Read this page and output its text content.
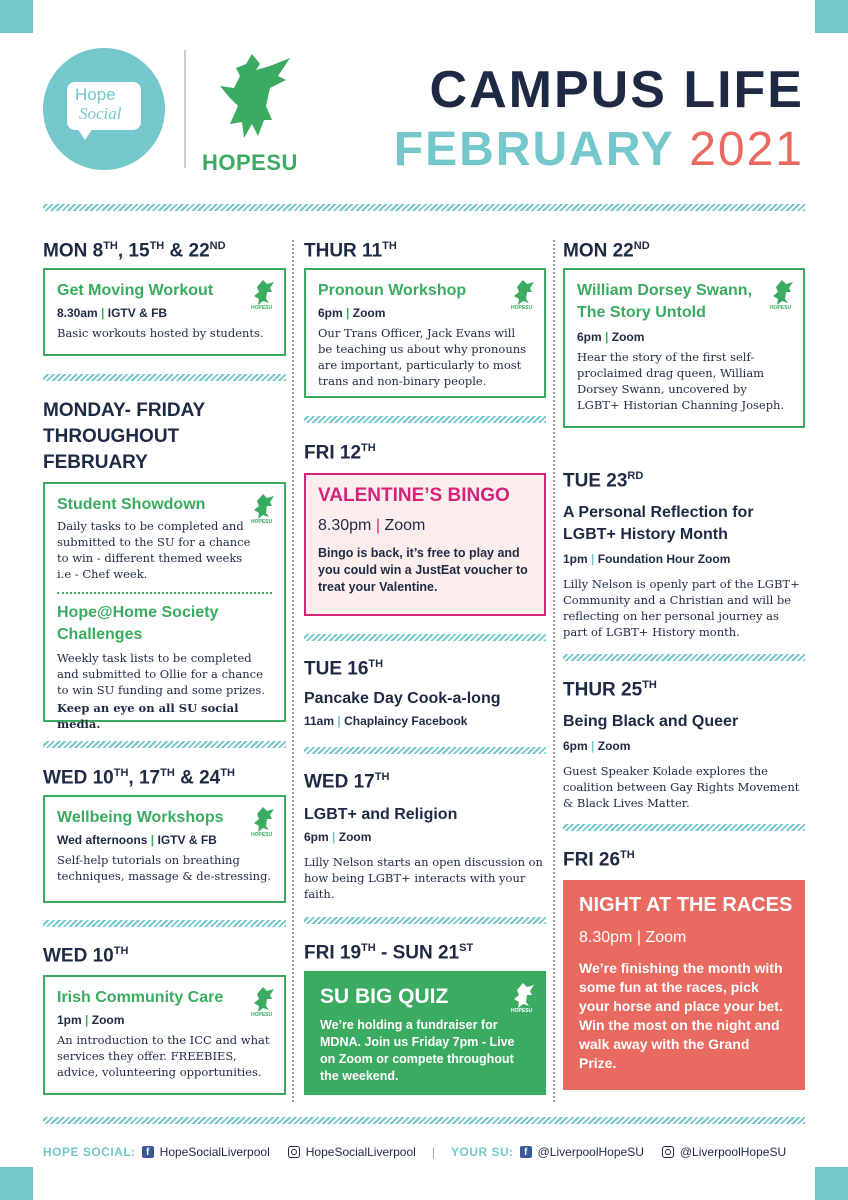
Hope
Social
HOPESU
CAMPUS LIFE
FEBRUARY 2021
MON 8TH, 15TH & 22ND
Get Moving Workout
8.30am | IGTV & FB
Basic workouts hosted by students.
HOPESU
MONDAY- FRIDAY
THROUGHOUT
FEBRUARY
Student Showdown
Daily tasks to be completed and submitted to the SU for a chance to win - different themed weeks i.e - Chef week.
Hope@Home Society
Challenges
Weekly task lists to be completed and submitted to Ollie for a chance to win SU funding and some prizes.
Keep an eye on all SU social media.
HOPESU
WED 10TH, 17TH & 24TH
Wellbeing Workshops
Wed afternoons | IGTV & FB
Self-help tutorials on breathing techniques, massage & de-stressing.
HOPESU
WED 10TH
Irish Community Care
1pm | Zoom
An introduction to the ICC and what services they offer. FREEBIES, advice, volunteering opportunities.
HOPESU
THUR 11TH
Pronoun Workshop
6pm | Zoom
Our Trans Officer, Jack Evans will be teaching us about why pronouns are important, particularly to most trans and non-binary people.
HOPESU
FRI 12TH
VALENTINE’S BINGO
8.30pm | Zoom
Bingo is back, it’s free to play and you could win a JustEat voucher to treat your Valentine.
TUE 16TH
Pancake Day Cook-a-long
11am | Chaplaincy Facebook
WED 17TH
LGBT+ and Religion
6pm | Zoom
Lilly Nelson starts an open discussion on how being LGBT+ interacts with your faith.
FRI 19TH - SUN 21ST
SU BIG QUIZ
We’re holding a fundraiser for MDNA. Join us Friday 7pm - Live on Zoom or compete throughout the weekend.
HOPESU
MON 22ND
William Dorsey Swann,
The Story Untold
6pm | Zoom
Hear the story of the first self-proclaimed drag queen, William Dorsey Swann, uncovered by LGBT+ Historian Channing Joseph.
HOPESU
TUE 23RD
A Personal Reflection for
LGBT+ History Month
1pm | Foundation Hour Zoom
Lilly Nelson is openly part of the LGBT+ Community and a Christian and will be reflecting on her personal journey as part of LGBT+ History month.
THUR 25TH
Being Black and Queer
6pm | Zoom
Guest Speaker Kolade explores the coalition between Gay Rights Movement & Black Lives Matter.
FRI 26TH
NIGHT AT THE RACES
8.30pm | Zoom
We’re finishing the month with some fun at the races, pick your horse and place your bet. Win the most on the night and walk away with the Grand Prize.
HOPE SOCIAL:	f HopeSocialLiverpool	HopeSocialLiverpool | YOUR SU:	f @LiverpoolHopeSU	@LiverpoolHopeSU
